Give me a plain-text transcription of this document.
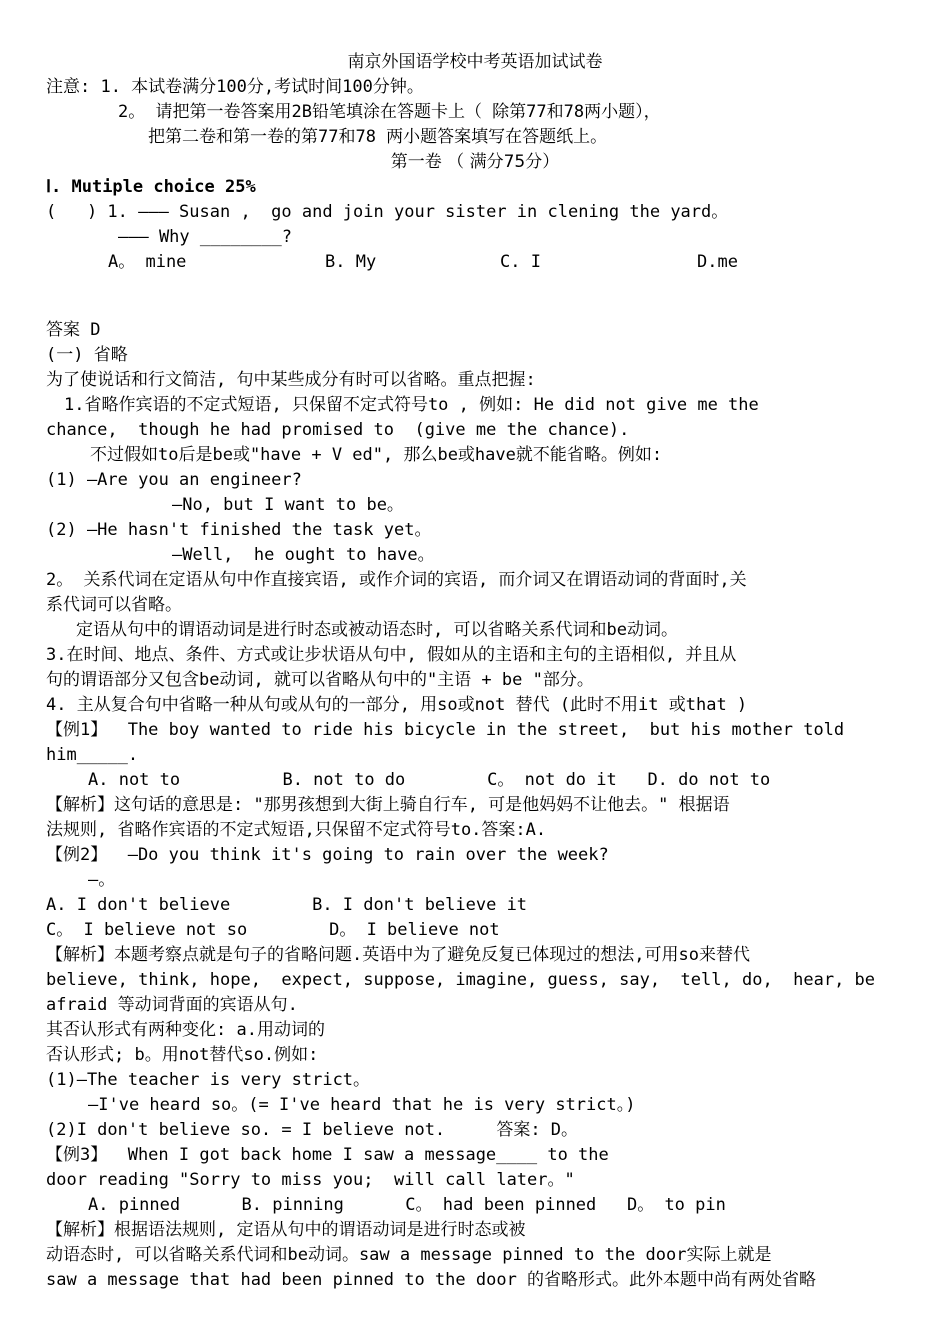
南京外国语学校中考英语加试试卷
注意: 1. 本试卷满分100分,考试时间100分钟。
2。 请把第一卷答案用2B铅笔填涂在答题卡上（ 除第77和78两小题），
把第二卷和第一卷的第77和78 两小题答案填写在答题纸上。
第一卷 （ 满分75分）
Ⅰ. Mutiple choice 25%
(   ) 1. ——— Susan ,  go and join your sister in clening the yard。
——— Why ________?
A。 mine	B. My	C. I	D.me
答案 D
(一) 省略
为了使说话和行文简洁, 句中某些成分有时可以省略。重点把握:
1.省略作宾语的不定式短语, 只保留不定式符号to , 例如: He did not give me the
chance,  though he had promised to  (give me the chance).
不过假如to后是be或"have + V ed", 那么be或have就不能省略。例如:
(1) —Are you an engineer?
—No, but I want to be。
(2) —He hasn't finished the task yet。
—Well,  he ought to have。
2。 关系代词在定语从句中作直接宾语, 或作介词的宾语, 而介词又在谓语动词的背面时,关
系代词可以省略。
定语从句中的谓语动词是进行时态或被动语态时, 可以省略关系代词和be动词。
3.在时间、地点、条件、方式或让步状语从句中, 假如从的主语和主句的主语相似, 并且从
句的谓语部分又包含be动词, 就可以省略从句中的"主语 + be "部分。
4. 主从复合句中省略一种从句或从句的一部分, 用so或not 替代 (此时不用it 或that )
【例1】  The boy wanted to ride his bicycle in the street,  but his mother told
him_____.
A. not to          B. not to do        C。 not do it   D. do not to
【解析】这句话的意思是: "那男孩想到大街上骑自行车, 可是他妈妈不让他去。" 根据语
法规则, 省略作宾语的不定式短语,只保留不定式符号to.答案:A.
【例2】  —Do you think it's going to rain over the week?
—。
A. I don't believe        B. I don't believe it
C。 I believe not so        D。 I believe not
【解析】本题考察点就是句子的省略问题.英语中为了避免反复已体现过的想法,可用so来替代
believe, think, hope,  expect, suppose, imagine, guess, say,  tell, do,  hear, be
afraid 等动词背面的宾语从句.
其否认形式有两种变化: a.用动词的
否认形式; b。用not替代so.例如:
(1)—The teacher is very strict。
—I've heard so。(= I've heard that he is very strict。)
(2)I don't believe so. = I believe not.     答案: D。
【例3】  When I got back home I saw a message____ to the
door reading "Sorry to miss you;  will call later。"
A. pinned      B. pinning      C。 had been pinned   D。 to pin
【解析】根据语法规则, 定语从句中的谓语动词是进行时态或被
动语态时, 可以省略关系代词和be动词。saw a message pinned to the door实际上就是
saw a message that had been pinned to the door 的省略形式。此外本题中尚有两处省略
